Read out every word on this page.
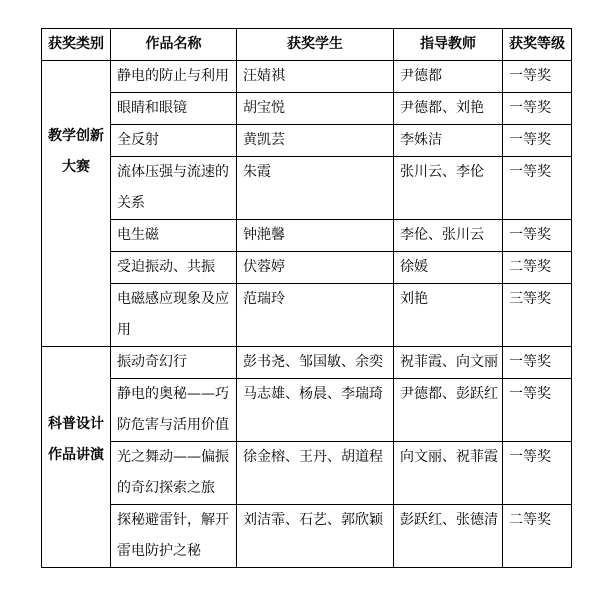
获奖类别	作品名称	获奖学生	指导教师	获奖等级
教学创新大赛	静电的防止与利用	汪婧祺	尹德都	一等奖
	眼睛和眼镜	胡宝悦	尹德都、刘艳	一等奖
	全反射	黄凯芸	李姝洁	一等奖
	流体压强与流速的关系	朱霞	张川云、李伦	一等奖
	电生磁	钟滟馨	李伦、张川云	一等奖
	受迫振动、共振	伏蓉婷	徐媛	二等奖
	电磁感应现象及应用	范瑞玲	刘艳	三等奖
科普设计作品讲演	振动奇幻行	彭书尧、邹国敏、余奕	祝菲霞、向文丽	一等奖
	静电的奥秘——巧防危害与活用价值	马志雄、杨晨、李瑞琦	尹德都、彭跃红	一等奖
	光之舞动——偏振的奇幻探索之旅	徐金榕、王丹、胡道程	向文丽、祝菲霞	一等奖
	探秘避雷针，解开雷电防护之秘	刘洁霏、石艺、郭欣颖	彭跃红、张德清	二等奖
